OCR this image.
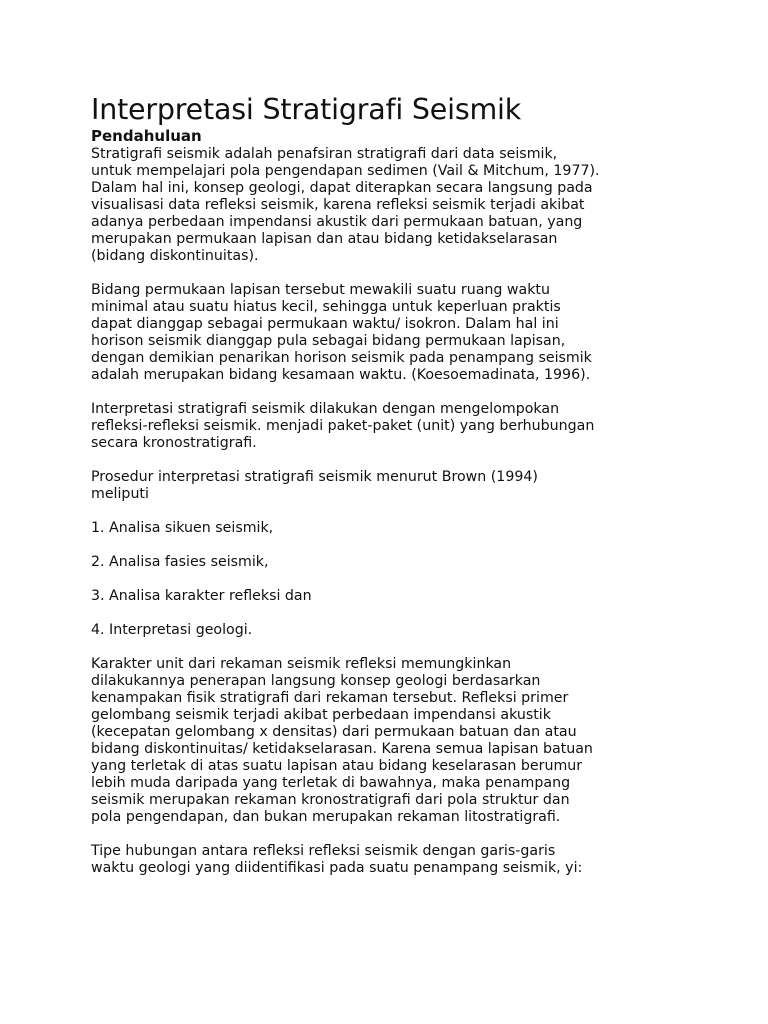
Interpretasi Stratigrafi Seismik
Pendahuluan

Stratigrafi seismik adalah penafsiran stratigrafi dari data seismik,
untuk mempelajari pola pengendapan sedimen (Vail & Mitchum, 1977).
Dalam hal ini, konsep geologi, dapat diterapkan secara langsung pada
visualisasi data refleksi seismik, karena refleksi seismik terjadi akibat
adanya perbedaan impendansi akustik dari permukaan batuan, yang
merupakan permukaan lapisan dan atau bidang ketidakselarasan
(bidang diskontinuitas).

Bidang permukaan lapisan tersebut mewakili suatu ruang waktu
minimal atau suatu hiatus kecil, sehingga untuk keperluan praktis
dapat dianggap sebagai permukaan waktu/ isokron. Dalam hal ini
horison seismik dianggap pula sebagai bidang permukaan lapisan,
dengan demikian penarikan horison seismik pada penampang seismik
adalah merupakan bidang kesamaan waktu. (Koesoemadinata, 1996).

Interpretasi stratigrafi seismik dilakukan dengan mengelompokan
refleksi-refleksi seismik. menjadi paket-paket (unit) yang berhubungan
secara kronostratigrafi.

Prosedur interpretasi stratigrafi seismik menurut Brown (1994)
meliputi

1. Analisa sikuen seismik,

2. Analisa fasies seismik,

3. Analisa karakter refleksi dan

4. Interpretasi geologi.

Karakter unit dari rekaman seismik refleksi memungkinkan
dilakukannya penerapan langsung konsep geologi berdasarkan
kenampakan fisik stratigrafi dari rekaman tersebut. Refleksi primer
gelombang seismik terjadi akibat perbedaan impendansi akustik
(kecepatan gelombang x densitas) dari permukaan batuan dan atau
bidang diskontinuitas/ ketidakselarasan. Karena semua lapisan batuan
yang terletak di atas suatu lapisan atau bidang keselarasan berumur
lebih muda daripada yang terletak di bawahnya, maka penampang
seismik merupakan rekaman kronostratigrafi dari pola struktur dan
pola pengendapan, dan bukan merupakan rekaman litostratigrafi.

Tipe hubungan antara refleksi refleksi seismik dengan garis-garis
waktu geologi yang diidentifikasi pada suatu penampang seismik, yi:
